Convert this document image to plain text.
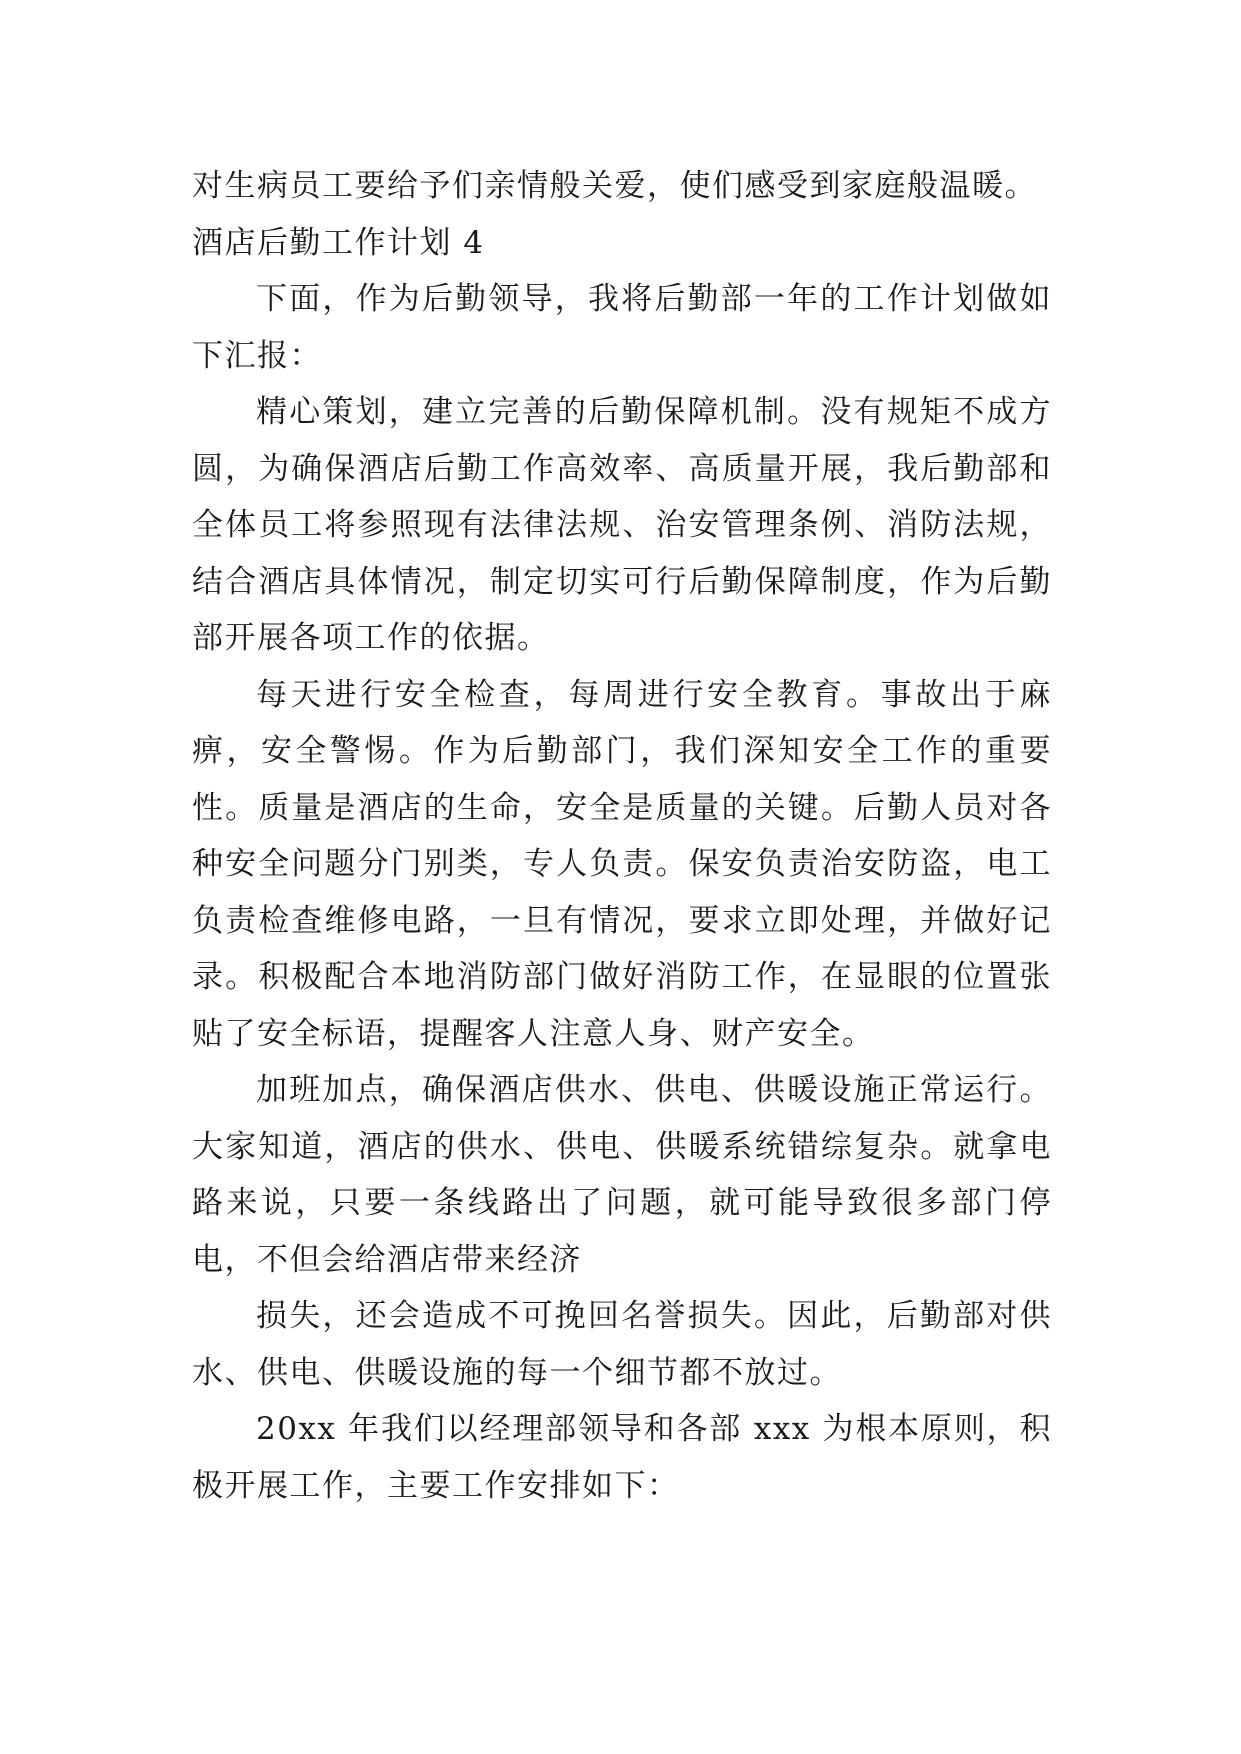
对生病员工要给予们亲情般关爱，使们感受到家庭般温暖。

酒店后勤工作计划 4

下面，作为后勤领导，我将后勤部一年的工作计划做如下汇报：

精心策划，建立完善的后勤保障机制。没有规矩不成方圆，为确保酒店后勤工作高效率、高质量开展，我后勤部和全体员工将参照现有法律法规、治安管理条例、消防法规，结合酒店具体情况，制定切实可行后勤保障制度，作为后勤部开展各项工作的依据。

每天进行安全检查，每周进行安全教育。事故出于麻痹，安全警惕。作为后勤部门，我们深知安全工作的重要性。质量是酒店的生命，安全是质量的关键。后勤人员对各种安全问题分门别类，专人负责。保安负责治安防盗，电工负责检查维修电路，一旦有情况，要求立即处理，并做好记录。积极配合本地消防部门做好消防工作，在显眼的位置张贴了安全标语，提醒客人注意人身、财产安全。

加班加点，确保酒店供水、供电、供暖设施正常运行。大家知道，酒店的供水、供电、供暖系统错综复杂。就拿电路来说，只要一条线路出了问题，就可能导致很多部门停电，不但会给酒店带来经济

损失，还会造成不可挽回名誉损失。因此，后勤部对供水、供电、供暖设施的每一个细节都不放过。

20xx 年我们以经理部领导和各部 xxx 为根本原则，积极开展工作，主要工作安排如下：
